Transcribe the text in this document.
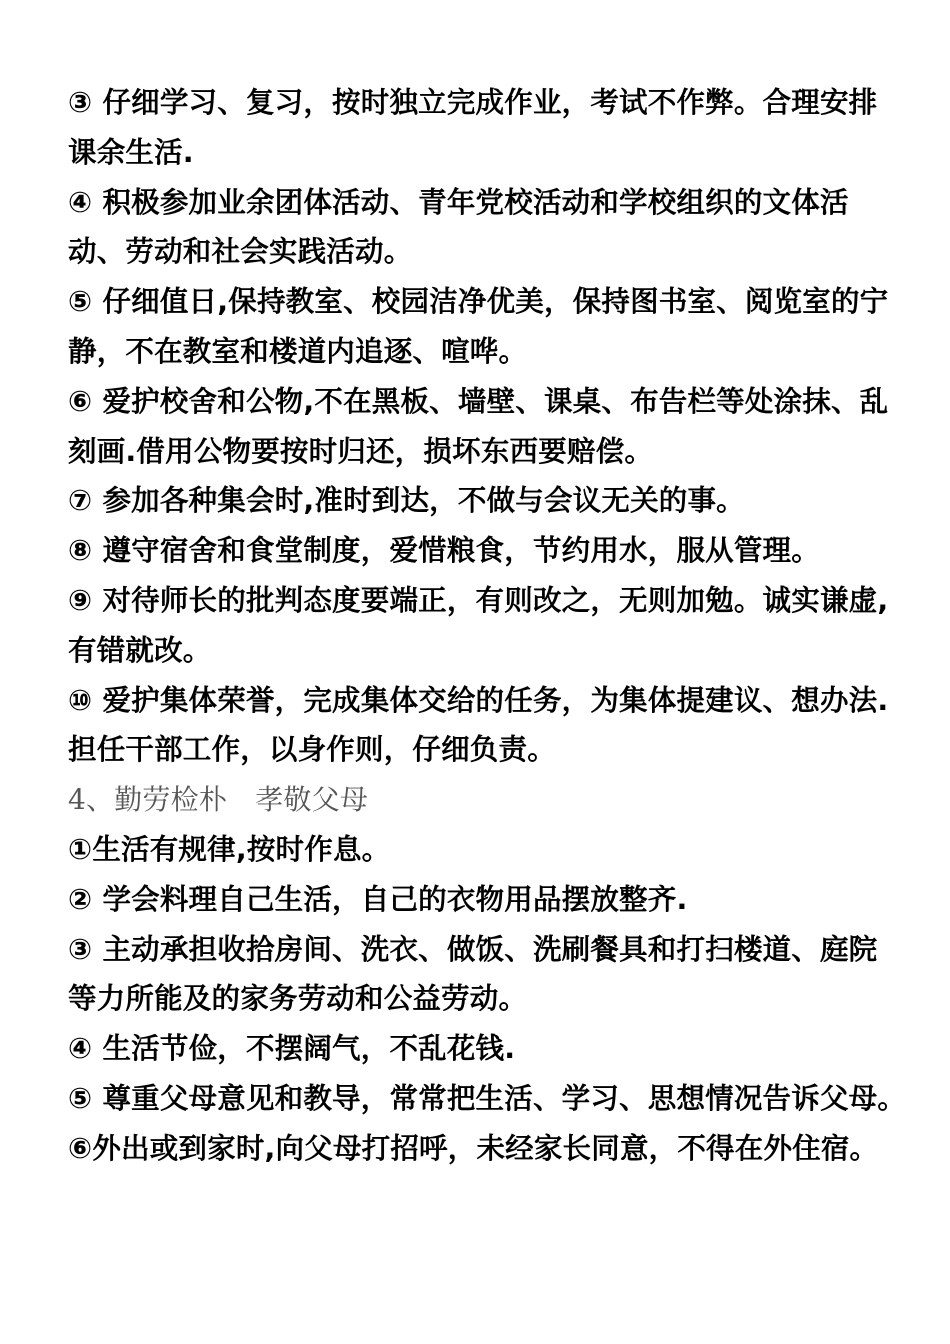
③ 仔细学习、复习，按时独立完成作业，考试不作弊。合理安排课余生活.

④ 积极参加业余团体活动、青年党校活动和学校组织的文体活动、劳动和社会实践活动。

⑤ 仔细值日,保持教室、校园洁净优美，保持图书室、阅览室的宁静，不在教室和楼道内追逐、喧哗。

⑥ 爱护校舍和公物,不在黑板、墙壁、课桌、布告栏等处涂抹、乱刻画.借用公物要按时归还，损坏东西要赔偿。

⑦ 参加各种集会时,准时到达，不做与会议无关的事。

⑧ 遵守宿舍和食堂制度，爱惜粮食，节约用水，服从管理。

⑨ 对待师长的批判态度要端正，有则改之，无则加勉。诚实谦虚,有错就改。

⑩ 爱护集体荣誉，完成集体交给的任务，为集体提建议、想办法.担任干部工作，以身作则，仔细负责。

4、勤劳检朴　孝敬父母

①生活有规律,按时作息。

② 学会料理自己生活，自己的衣物用品摆放整齐.

③ 主动承担收拾房间、洗衣、做饭、洗刷餐具和打扫楼道、庭院等力所能及的家务劳动和公益劳动。

④ 生活节俭，不摆阔气，不乱花钱.

⑤ 尊重父母意见和教导，常常把生活、学习、思想情况告诉父母。　⑥外出或到家时,向父母打招呼，未经家长同意，不得在外住宿。
